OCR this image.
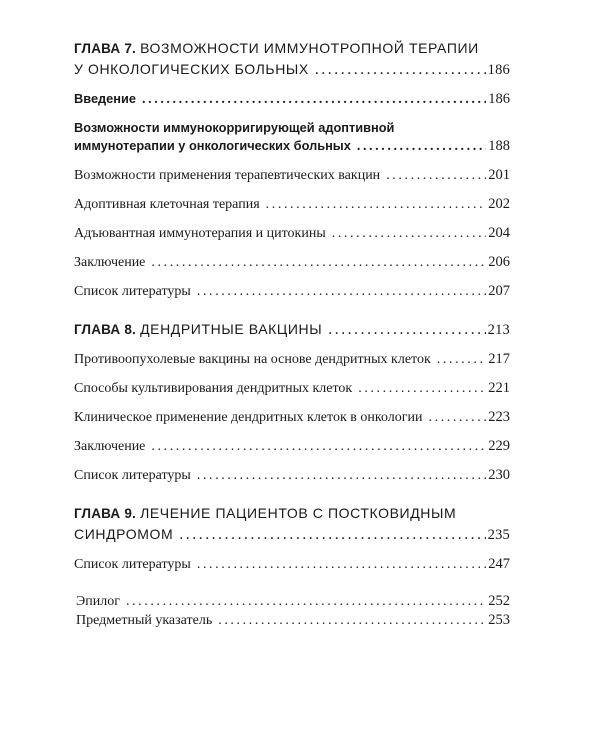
ГЛАВА 7. ВОЗМОЖНОСТИ ИММУНОТРОПНОЙ ТЕРАПИИ
У ОНКОЛОГИЧЕСКИХ БОЛЬНЫХ .....	186
Введение .....	186
Возможности иммунокорригирующей адоптивной
иммунотерапии у онкологических больных .....	188
Возможности применения терапевтических вакцин .....	201
Адоптивная клеточная терапия .....	202
Адъювантная иммунотерапия и цитокины .....	204
Заключение .....	206
Список литературы .....	207
ГЛАВА 8. ДЕНДРИТНЫЕ ВАКЦИНЫ .....	213
Противоопухолевые вакцины на основе дендритных клеток .....	217
Способы культивирования дендритных клеток .....	221
Клиническое применение дендритных клеток в онкологии .....	223
Заключение .....	229
Список литературы .....	230
ГЛАВА 9. ЛЕЧЕНИЕ ПАЦИЕНТОВ С ПОСТКОВИДНЫМ
СИНДРОМОМ .....	235
Список литературы .....	247
Эпилог .....	252
Предметный указатель .....	253
